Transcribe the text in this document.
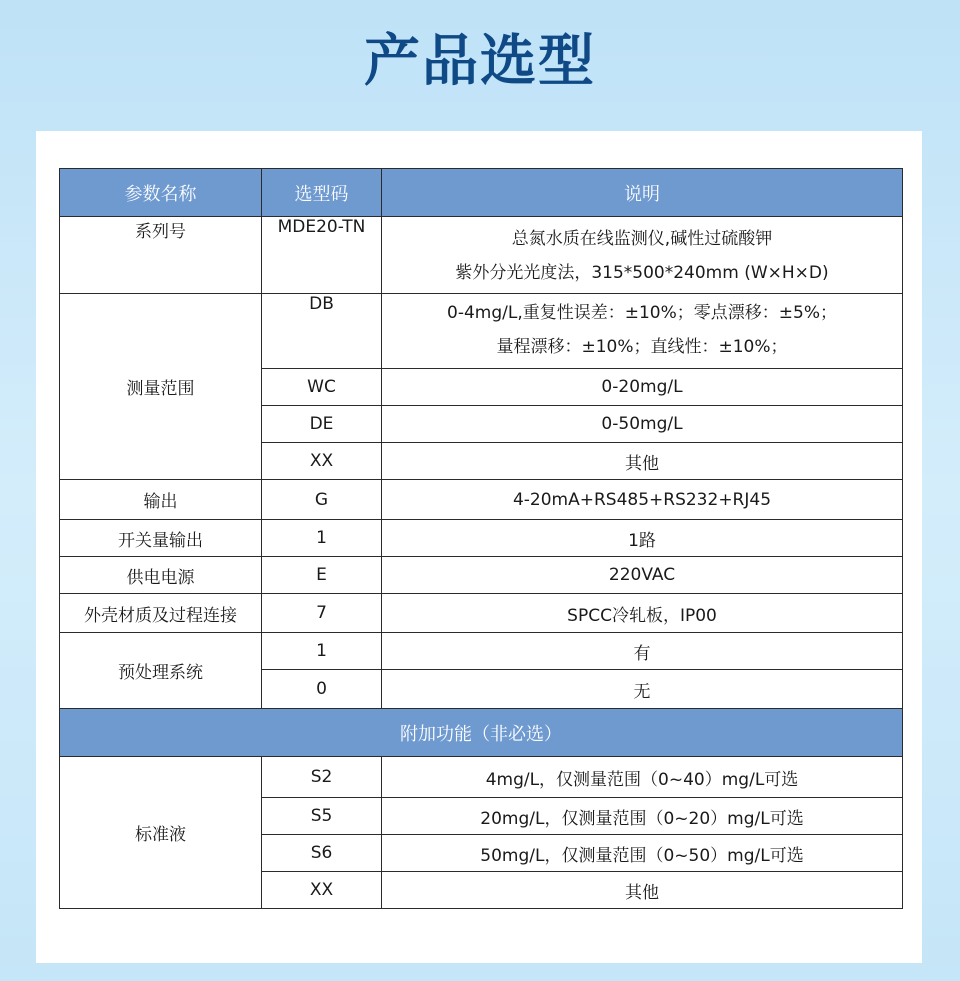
产品选型
参数名称	选型码	说明
系列号	MDE20-TN	总氮水质在线监测仪,碱性过硫酸钾
紫外分光光度法，315*500*240mm (W×H×D)

测量范围	DB	0-4mg/L,重复性误差：±10%；零点漂移：±5%；
量程漂移：±10%；直线性：±10%；

	WC	0-20mg/L
	DE	0-50mg/L
	XX	其他
输出	G	4-20mA+RS485+RS232+RJ45
开关量输出	1	1路
供电电源	E	220VAC
外壳材质及过程连接	7	SPCC冷轧板，IP00
预处理系统	1	有
	0	无
附加功能（非必选）		
标准液	S2	4mg/L，仅测量范围（0~40）mg/L可选
	S5	20mg/L，仅测量范围（0~20）mg/L可选
	S6	50mg/L，仅测量范围（0~50）mg/L可选
	XX	其他
